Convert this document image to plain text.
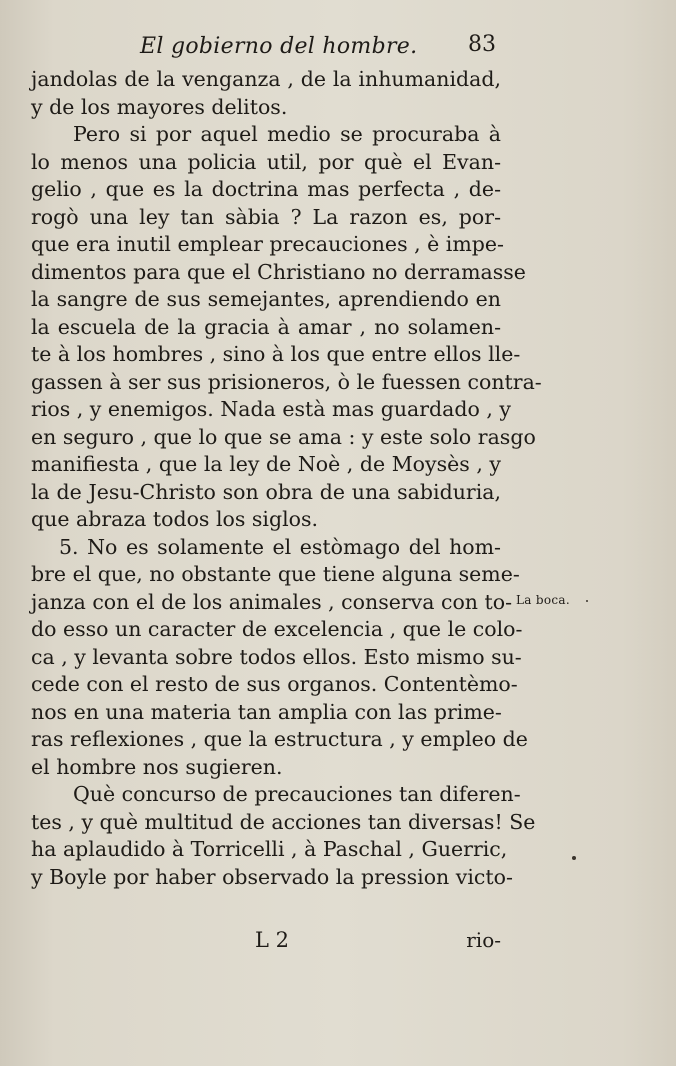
El gobierno del hombre. 83
jandolas de la venganza , de la inhumanidad,
y de los mayores delitos.
Pero si por aquel medio se procuraba à
lo menos una policia util, por què el Evan-
gelio , que es la doctrina mas perfecta , de-
rogò una ley tan sàbia ? La razon es, por-
que era inutil emplear precauciones , è impe-
dimentos para que el Christiano no derramasse
la sangre de sus semejantes, aprendiendo en
la escuela de la gracia à amar , no solamen-
te à los hombres , sino à los que entre ellos lle-
gassen à ser sus prisioneros, ò le fuessen contra-
rios , y enemigos. Nada està mas guardado , y
en seguro , que lo que se ama : y este solo rasgo
manifiesta , que la ley de Noè , de Moysès , y
la de Jesu-Christo son obra de una sabiduria,
que abraza todos los siglos.
5. No es solamente el estòmago del hom-
bre el que, no obstante que tiene alguna seme-
janza con el de los animales , conserva con to-
do esso un caracter de excelencia , que le colo-
ca , y levanta sobre todos ellos. Esto mismo su-
cede con el resto de sus organos. Contentèmo-
nos en una materia tan amplia con las prime-
ras reflexiones , que la estructura , y empleo de
el hombre nos sugieren.
Què concurso de precauciones tan diferen-
tes , y què multitud de acciones tan diversas! Se
ha aplaudido à Torricelli , à Paschal , Guerric,
y Boyle por haber observado la pression victo-
La boca.
L 2	rio-
